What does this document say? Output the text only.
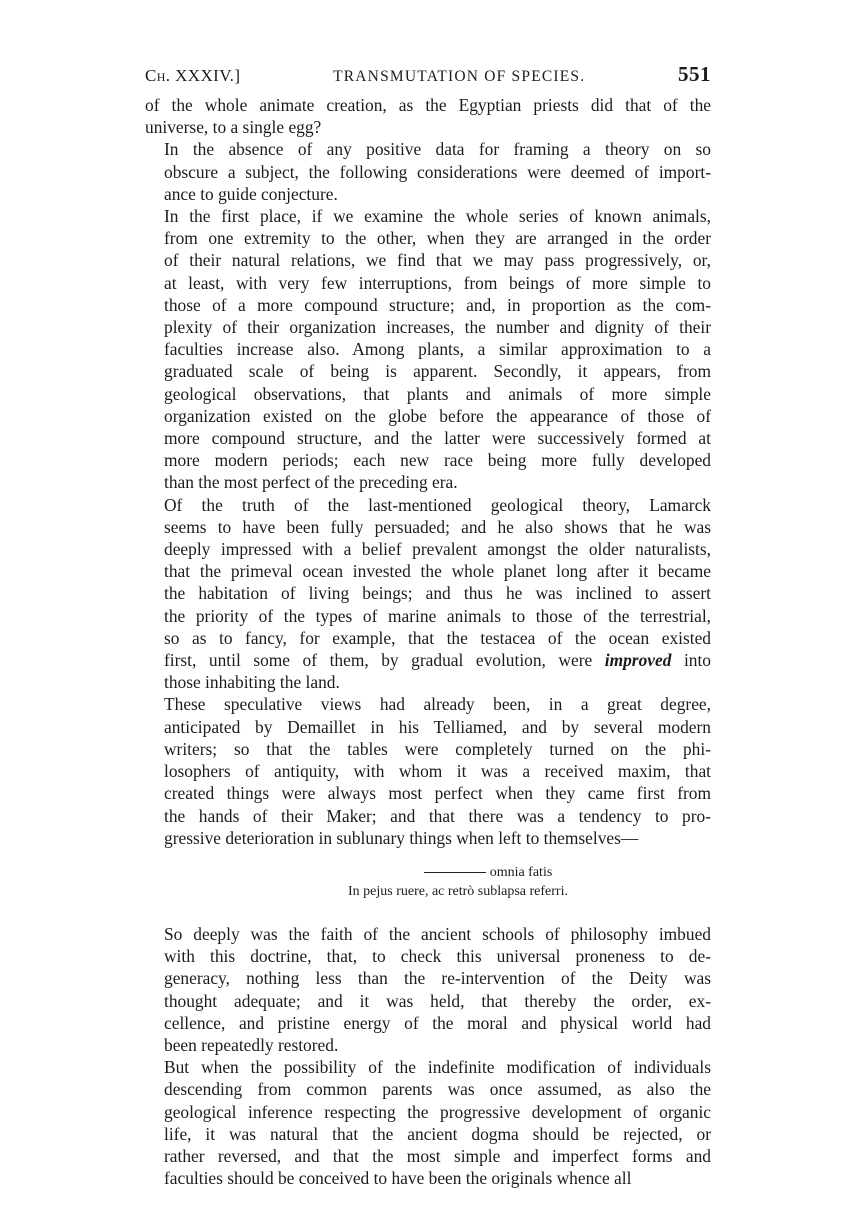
Ch. XXXIV.]	TRANSMUTATION OF SPECIES.	551

of the whole animate creation, as the Egyptian priests did that of the
universe, to a single egg?

In the absence of any positive data for framing a theory on so
obscure a subject, the following considerations were deemed of import-
ance to guide conjecture.

In the first place, if we examine the whole series of known animals,
from one extremity to the other, when they are arranged in the order
of their natural relations, we find that we may pass progressively, or,
at least, with very few interruptions, from beings of more simple to
those of a more compound structure; and, in proportion as the com-
plexity of their organization increases, the number and dignity of their
faculties increase also. Among plants, a similar approximation to a
graduated scale of being is apparent. Secondly, it appears, from
geological observations, that plants and animals of more simple
organization existed on the globe before the appearance of those of
more compound structure, and the latter were successively formed at
more modern periods; each new race being more fully developed
than the most perfect of the preceding era.

Of the truth of the last-mentioned geological theory, Lamarck
seems to have been fully persuaded; and he also shows that he was
deeply impressed with a belief prevalent amongst the older naturalists,
that the primeval ocean invested the whole planet long after it became
the habitation of living beings; and thus he was inclined to assert
the priority of the types of marine animals to those of the terrestrial,
so as to fancy, for example, that the testacea of the ocean existed
first, until some of them, by gradual evolution, were improved into
those inhabiting the land.

These speculative views had already been, in a great degree,
anticipated by Demaillet in his Telliamed, and by several modern
writers; so that the tables were completely turned on the phi-
losophers of antiquity, with whom it was a received maxim, that
created things were always most perfect when they came first from
the hands of their Maker; and that there was a tendency to pro-
gressive deterioration in sublunary things when left to themselves—

omnia fatis
In pejus ruere, ac retrò sublapsa referri.

So deeply was the faith of the ancient schools of philosophy imbued
with this doctrine, that, to check this universal proneness to de-
generacy, nothing less than the re-intervention of the Deity was
thought adequate; and it was held, that thereby the order, ex-
cellence, and pristine energy of the moral and physical world had
been repeatedly restored.

But when the possibility of the indefinite modification of individuals
descending from common parents was once assumed, as also the
geological inference respecting the progressive development of organic
life, it was natural that the ancient dogma should be rejected, or
rather reversed, and that the most simple and imperfect forms and
faculties should be conceived to have been the originals whence all
